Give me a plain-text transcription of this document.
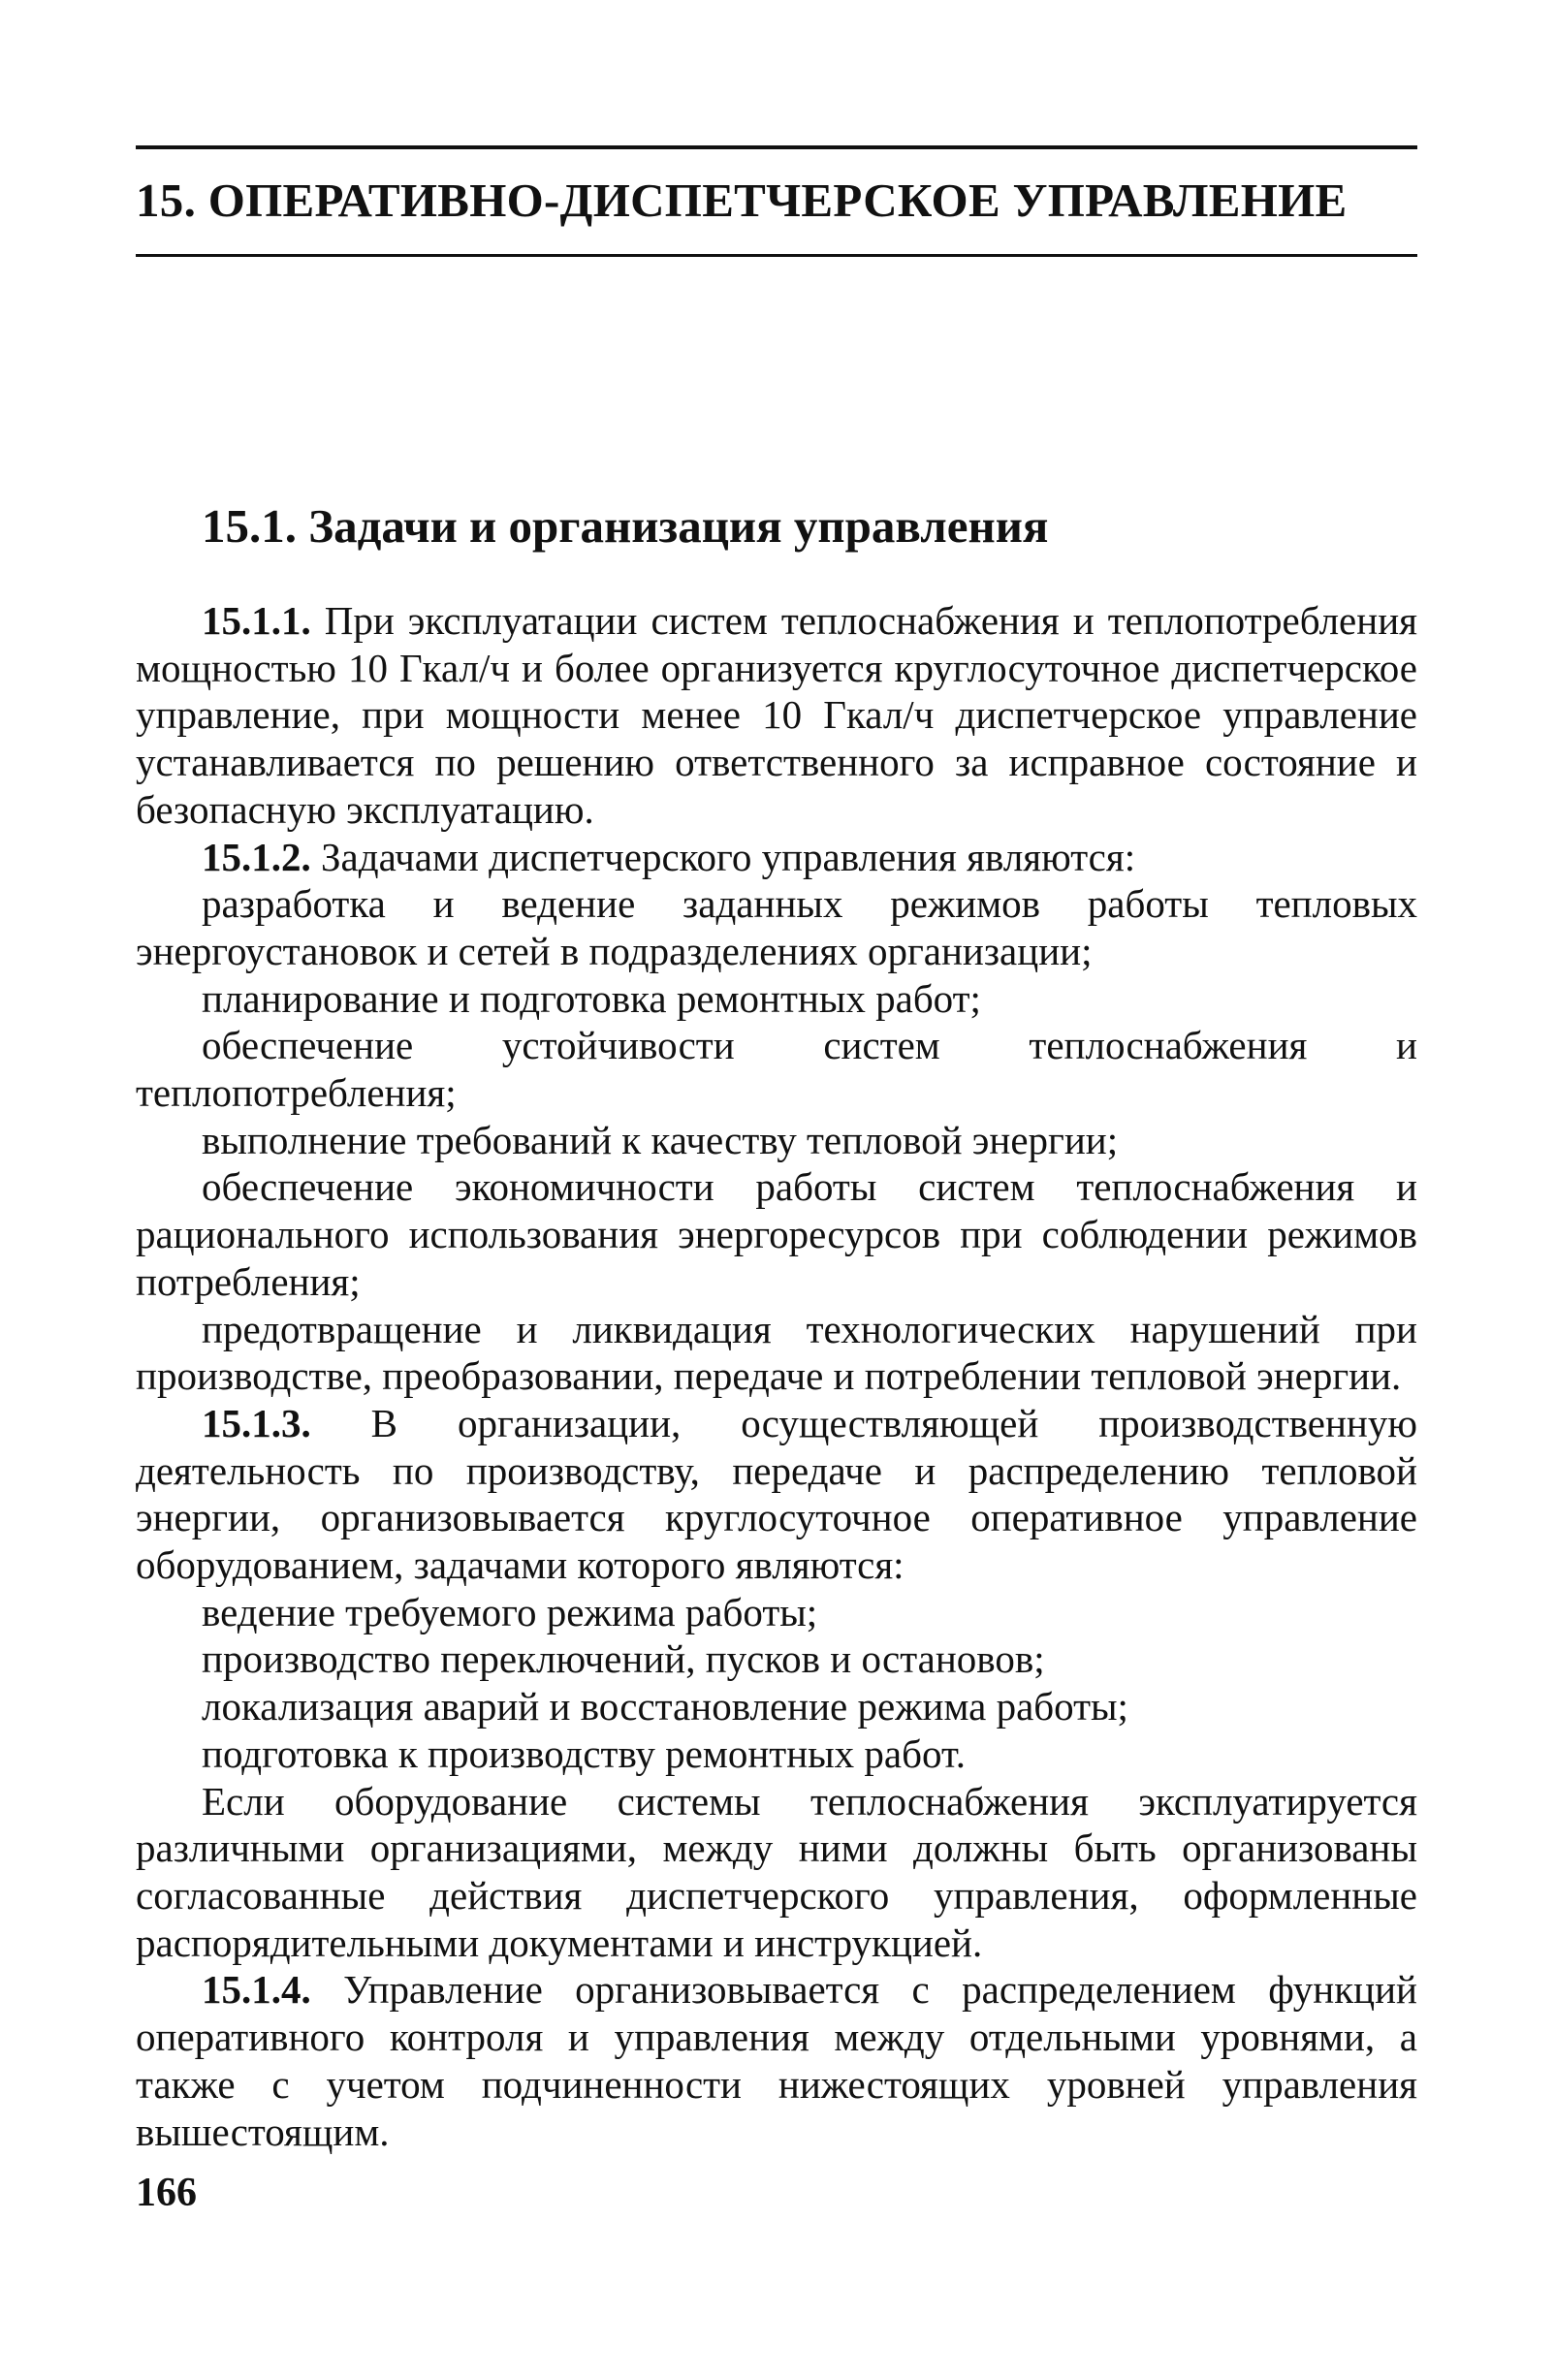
15. ОПЕРАТИВНО-ДИСПЕТЧЕРСКОЕ УПРАВЛЕНИЕ
15.1. Задачи и организация управления

15.1.1. При эксплуатации систем теплоснабжения и теплопотребления мощностью 10 Гкал/ч и более организуется круглосуточное диспетчерское управление, при мощности менее 10 Гкал/ч диспетчерское управление устанавливается по решению ответственного за исправное состояние и безопасную эксплуатацию.

15.1.2. Задачами диспетчерского управления являются:

разработка и ведение заданных режимов работы тепловых энергоустановок и сетей в подразделениях организации;

планирование и подготовка ремонтных работ;

обеспечение устойчивости систем теплоснабжения и теплопотребления;

выполнение требований к качеству тепловой энергии;

обеспечение экономичности работы систем теплоснабжения и рационального использования энергоресурсов при соблюдении режимов потребления;

предотвращение и ликвидация технологических нарушений при производстве, преобразовании, передаче и потреблении тепловой энергии.

15.1.3. В организации, осуществляющей производственную деятельность по производству, передаче и распределению тепловой энергии, организовывается круглосуточное оперативное управление оборудованием, задачами которого являются:

ведение требуемого режима работы;

производство переключений, пусков и остановов;

локализация аварий и восстановление режима работы;

подготовка к производству ремонтных работ.

Если оборудование системы теплоснабжения эксплуатируется различными организациями, между ними должны быть организованы согласованные действия диспетчерского управления, оформленные распорядительными документами и инструкцией.

15.1.4. Управление организовывается с распределением функций оперативного контроля и управления между отдельными уровнями, а также с учетом подчиненности нижестоящих уровней управления вышестоящим.

166
